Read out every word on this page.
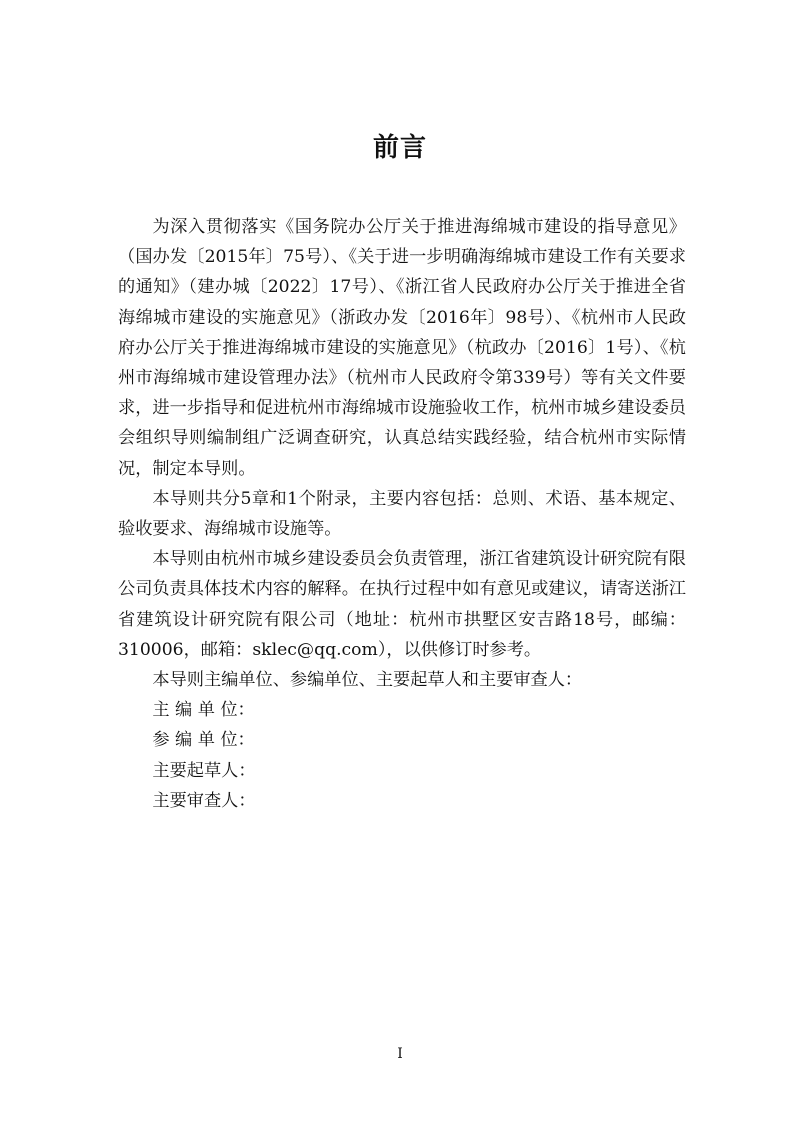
前言

为深入贯彻落实《国务院办公厅关于推进海绵城市建设的指导意见》（国办发〔2015年〕75号）、《关于进一步明确海绵城市建设工作有关要求的通知》（建办城〔2022〕17号）、《浙江省人民政府办公厅关于推进全省海绵城市建设的实施意见》（浙政办发〔2016年〕98号）、《杭州市人民政府办公厅关于推进海绵城市建设的实施意见》（杭政办〔2016〕1号）、《杭州市海绵城市建设管理办法》（杭州市人民政府令第339号）等有关文件要求，进一步指导和促进杭州市海绵城市设施验收工作，杭州市城乡建设委员会组织导则编制组广泛调查研究，认真总结实践经验，结合杭州市实际情况，制定本导则。

本导则共分5章和1个附录，主要内容包括：总则、术语、基本规定、验收要求、海绵城市设施等。

本导则由杭州市城乡建设委员会负责管理，浙江省建筑设计研究院有限公司负责具体技术内容的解释。在执行过程中如有意见或建议，请寄送浙江省建筑设计研究院有限公司（地址：杭州市拱墅区安吉路18号，邮编：310006，邮箱：sklec@qq.com），以供修订时参考。

本导则主编单位、参编单位、主要起草人和主要审查人：

主 编 单 位：

参 编 单 位：

主要起草人：

主要审查人：

I
